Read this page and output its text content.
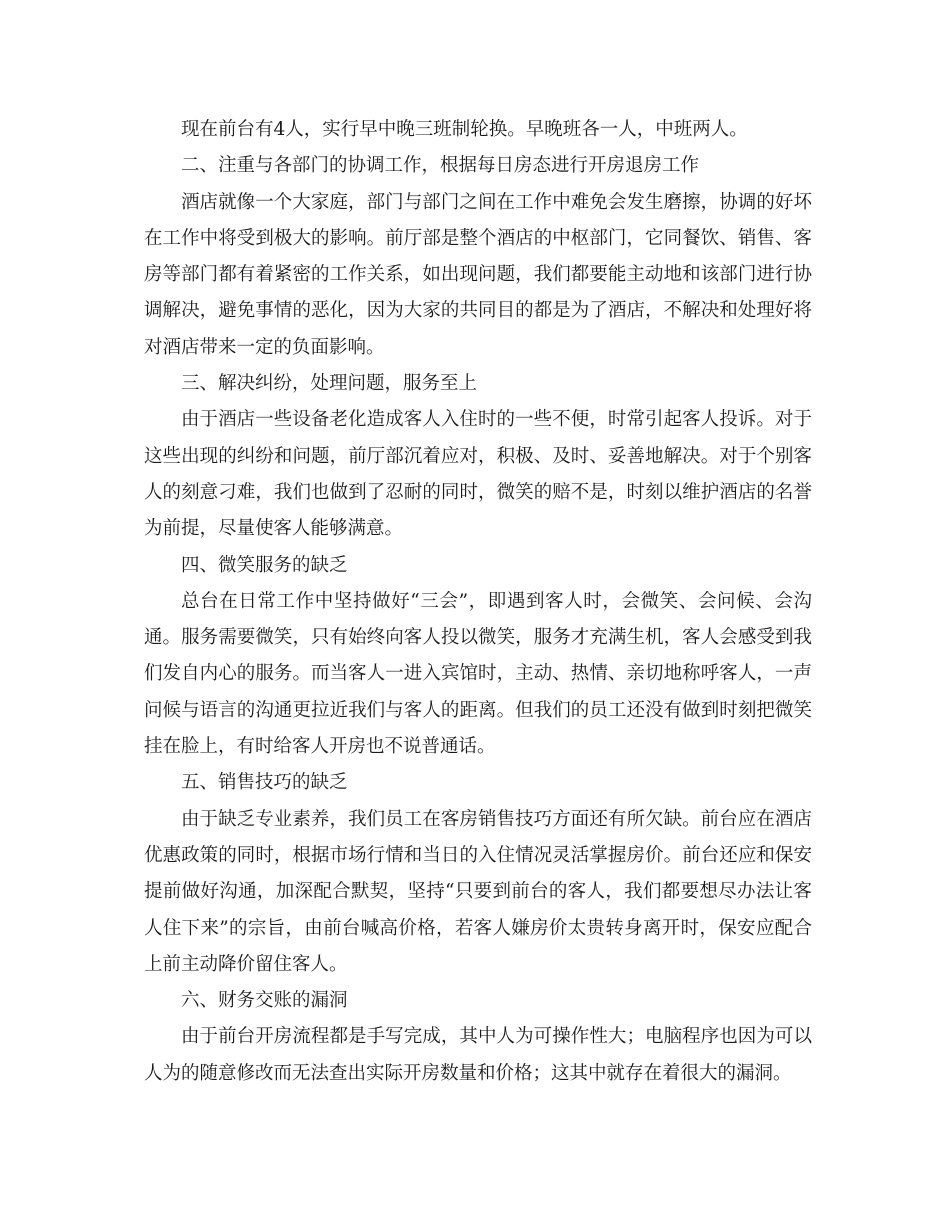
现在前台有4人，实行早中晚三班制轮换。早晚班各一人，中班两人。

二、注重与各部门的协调工作，根据每日房态进行开房退房工作

酒店就像一个大家庭，部门与部门之间在工作中难免会发生磨擦，协调的好坏在工作中将受到极大的影响。前厅部是整个酒店的中枢部门，它同餐饮、销售、客房等部门都有着紧密的工作关系，如出现问题，我们都要能主动地和该部门进行协调解决，避免事情的恶化，因为大家的共同目的都是为了酒店，不解决和处理好将对酒店带来一定的负面影响。

三、解决纠纷，处理问题，服务至上

由于酒店一些设备老化造成客人入住时的一些不便，时常引起客人投诉。对于这些出现的纠纷和问题，前厅部沉着应对，积极、及时、妥善地解决。对于个别客人的刻意刁难，我们也做到了忍耐的同时，微笑的赔不是，时刻以维护酒店的名誉为前提，尽量使客人能够满意。

四、微笑服务的缺乏

总台在日常工作中坚持做好“三会”，即遇到客人时，会微笑、会问候、会沟通。服务需要微笑，只有始终向客人投以微笑，服务才充满生机，客人会感受到我们发自内心的服务。而当客人一进入宾馆时，主动、热情、亲切地称呼客人，一声问候与语言的沟通更拉近我们与客人的距离。但我们的员工还没有做到时刻把微笑挂在脸上，有时给客人开房也不说普通话。

五、销售技巧的缺乏

由于缺乏专业素养，我们员工在客房销售技巧方面还有所欠缺。前台应在酒店优惠政策的同时，根据市场行情和当日的入住情况灵活掌握房价。前台还应和保安提前做好沟通，加深配合默契，坚持“只要到前台的客人，我们都要想尽办法让客人住下来”的宗旨，由前台喊高价格，若客人嫌房价太贵转身离开时，保安应配合上前主动降价留住客人。

六、财务交账的漏洞

由于前台开房流程都是手写完成，其中人为可操作性大；电脑程序也因为可以人为的随意修改而无法查出实际开房数量和价格；这其中就存在着很大的漏洞。
